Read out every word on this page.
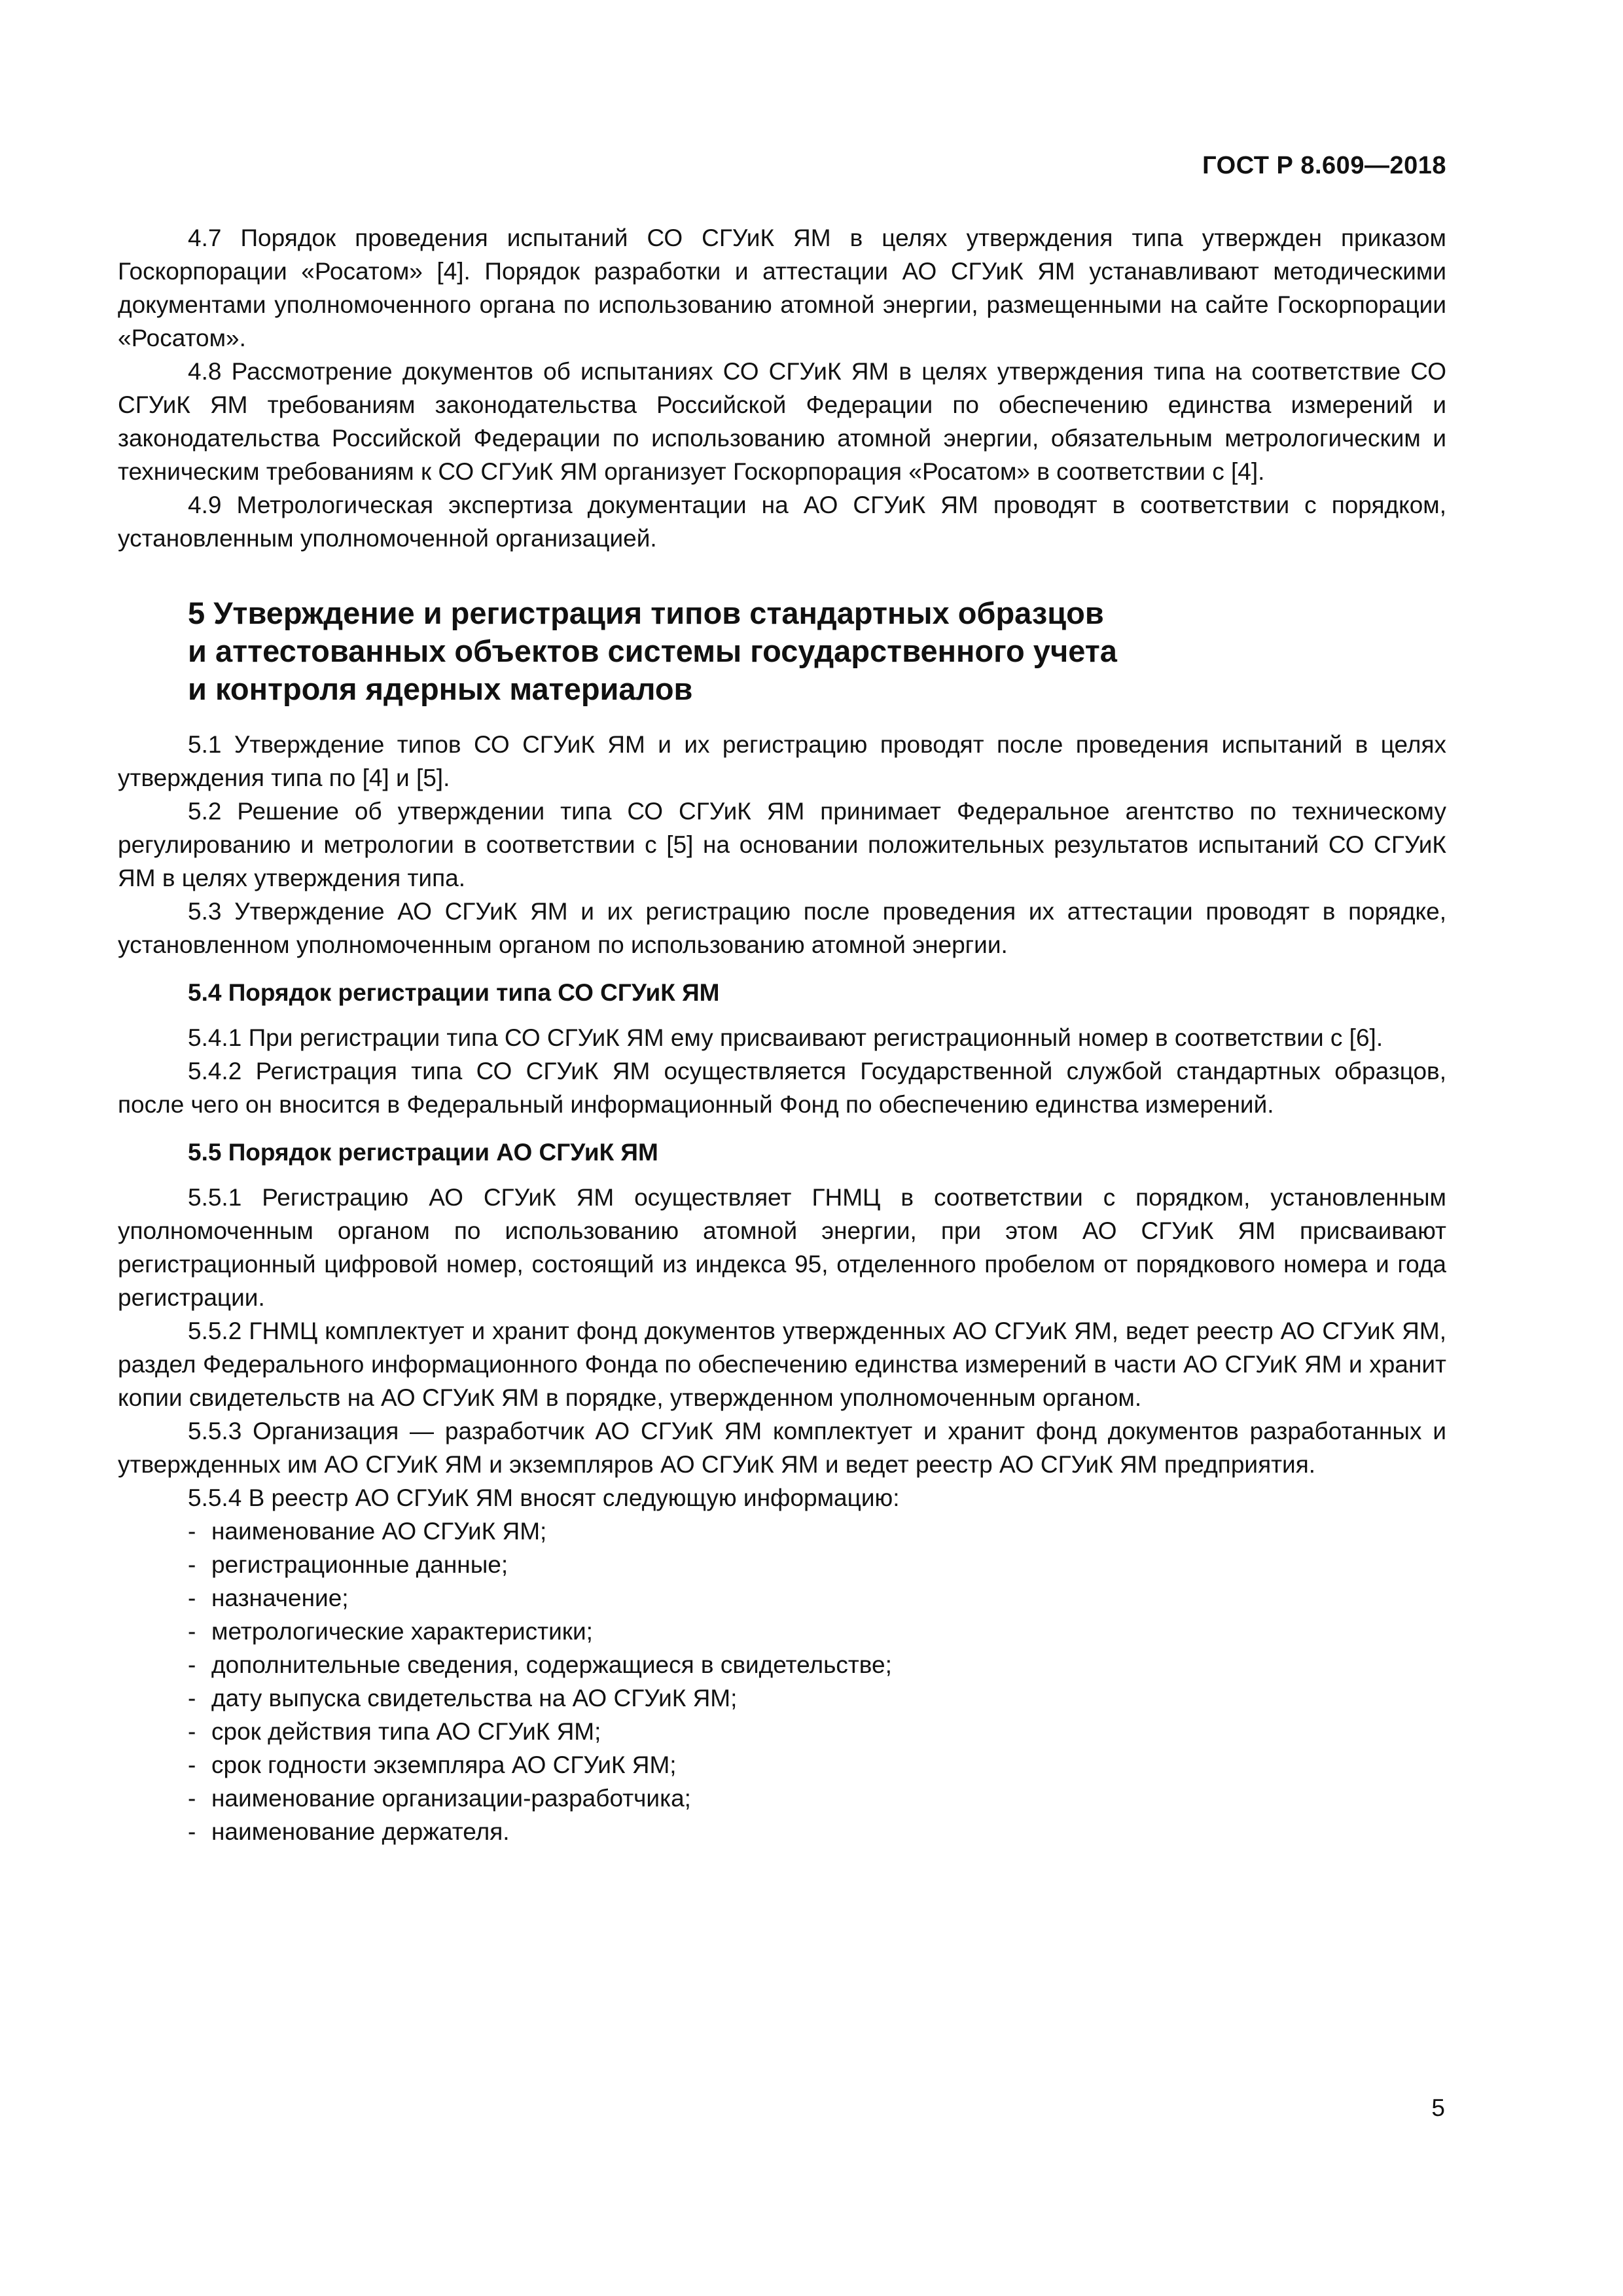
ГОСТ Р 8.609—2018

4.7 Порядок проведения испытаний СО СГУиК ЯМ в целях утверждения типа утвержден приказом Госкорпорации «Росатом» [4]. Порядок разработки и аттестации АО СГУиК ЯМ устанавливают методическими документами уполномоченного органа по использованию атомной энергии, размещенными на сайте Госкорпорации «Росатом».

4.8 Рассмотрение документов об испытаниях СО СГУиК ЯМ в целях утверждения типа на соответствие СО СГУиК ЯМ требованиям законодательства Российской Федерации по обеспечению единства измерений и законодательства Российской Федерации по использованию атомной энергии, обязательным метрологическим и техническим требованиям к СО СГУиК ЯМ организует Госкорпорация «Росатом» в соответствии с [4].

4.9 Метрологическая экспертиза документации на АО СГУиК ЯМ проводят в соответствии с порядком, установленным уполномоченной организацией.

5 Утверждение и регистрация типов стандартных образцов
и аттестованных объектов системы государственного учета
и контроля ядерных материалов

5.1 Утверждение типов СО СГУиК ЯМ и их регистрацию проводят после проведения испытаний в целях утверждения типа по [4] и [5].

5.2 Решение об утверждении типа СО СГУиК ЯМ принимает Федеральное агентство по техническому регулированию и метрологии в соответствии с [5] на основании положительных результатов испытаний СО СГУиК ЯМ в целях утверждения типа.

5.3 Утверждение АО СГУиК ЯМ и их регистрацию после проведения их аттестации проводят в порядке, установленном уполномоченным органом по использованию атомной энергии.

5.4 Порядок регистрации типа СО СГУиК ЯМ

5.4.1 При регистрации типа СО СГУиК ЯМ ему присваивают регистрационный номер в соответствии с [6].

5.4.2 Регистрация типа СО СГУиК ЯМ осуществляется Государственной службой стандартных образцов, после чего он вносится в Федеральный информационный Фонд по обеспечению единства измерений.

5.5 Порядок регистрации АО СГУиК ЯМ

5.5.1 Регистрацию АО СГУиК ЯМ осуществляет ГНМЦ в соответствии с порядком, установленным уполномоченным органом по использованию атомной энергии, при этом АО СГУиК ЯМ присваивают регистрационный цифровой номер, состоящий из индекса 95, отделенного пробелом от порядкового номера и года регистрации.

5.5.2 ГНМЦ комплектует и хранит фонд документов утвержденных АО СГУиК ЯМ, ведет реестр АО СГУиК ЯМ, раздел Федерального информационного Фонда по обеспечению единства измерений в части АО СГУиК ЯМ и хранит копии свидетельств на АО СГУиК ЯМ в порядке, утвержденном уполномоченным органом.

5.5.3 Организация — разработчик АО СГУиК ЯМ комплектует и хранит фонд документов разработанных и утвержденных им АО СГУиК ЯМ и экземпляров АО СГУиК ЯМ и ведет реестр АО СГУиК ЯМ предприятия.

5.5.4 В реестр АО СГУиК ЯМ вносят следующую информацию:

- наименование АО СГУиК ЯМ;
- регистрационные данные;
- назначение;
- метрологические характеристики;
- дополнительные сведения, содержащиеся в свидетельстве;
- дату выпуска свидетельства на АО СГУиК ЯМ;
- срок действия типа АО СГУиК ЯМ;
- срок годности экземпляра АО СГУиК ЯМ;
- наименование организации-разработчика;
- наименование держателя.
5
